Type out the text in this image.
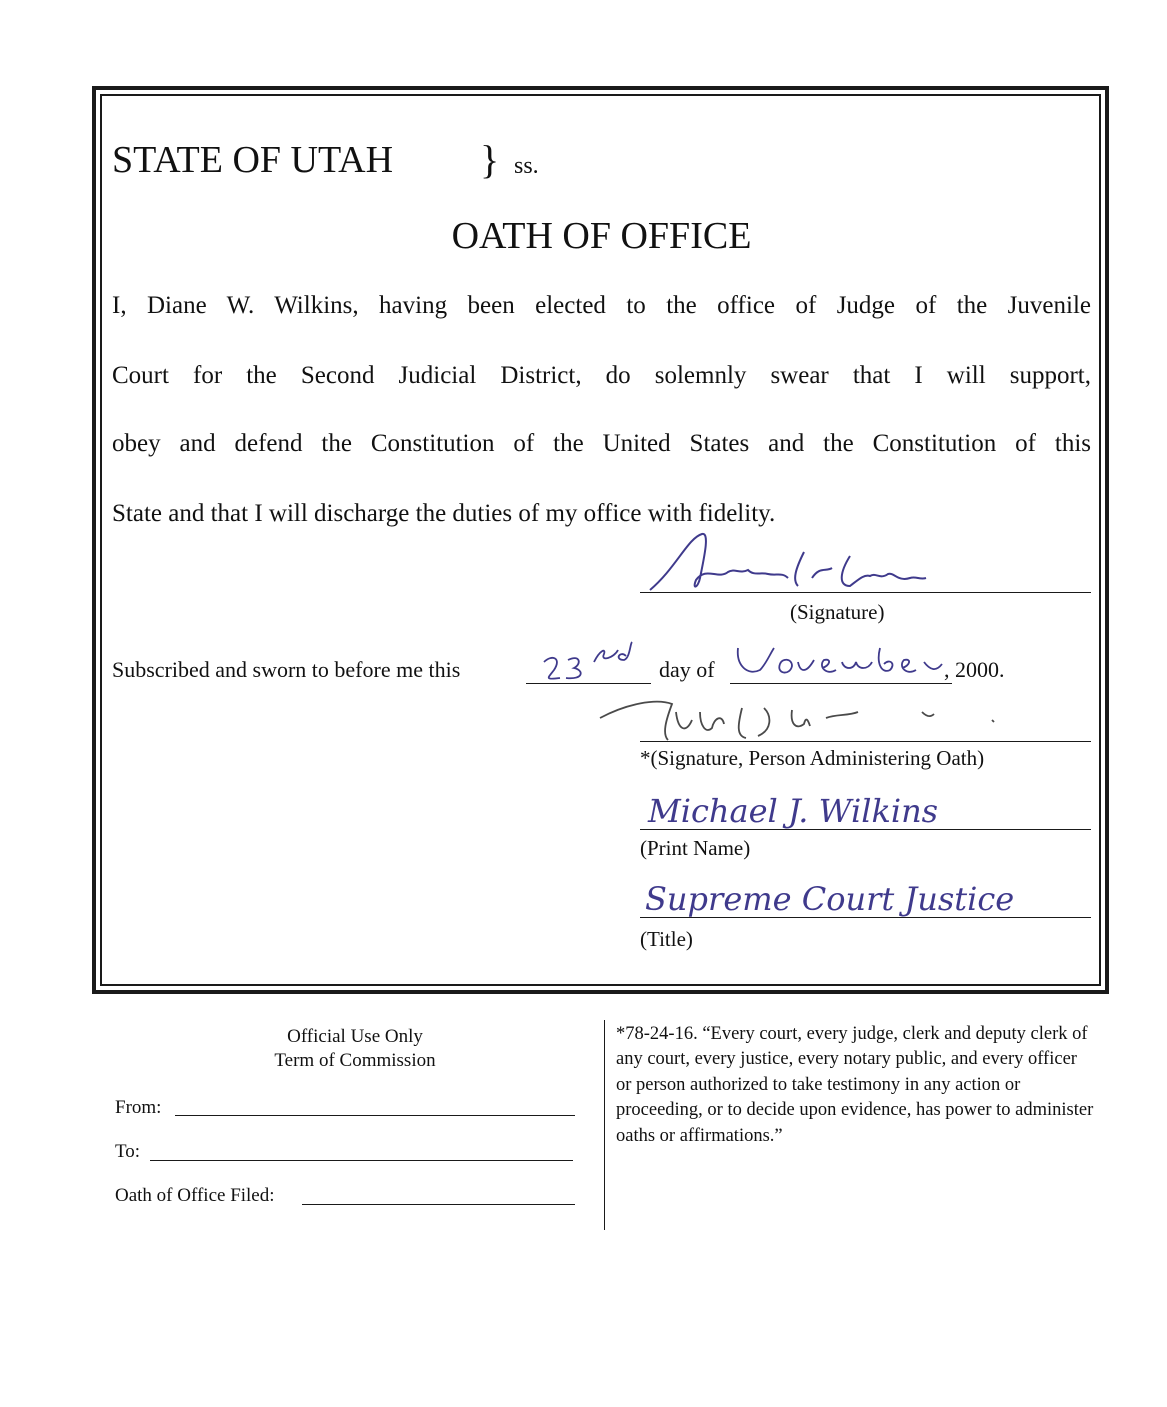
STATE OF UTAH } ss.
OATH OF OFFICE
I, Diane W. Wilkins, having been elected to the office of Judge of the Juvenile
Court for the Second Judicial District, do solemnly swear that I will support,
obey and defend the Constitution of the United States and the Constitution of this
State and that I will discharge the duties of my office with fidelity.
(Signature)
Subscribed and sworn to before me this	day of	, 2000.
*(Signature, Person Administering Oath)
Michael J. Wilkins
(Print Name)
Supreme Court Justice
(Title)
Official Use Only
Term of Commission
From:
To:
Oath of Office Filed:
*78-24-16. “Every court, every judge, clerk and deputy clerk of any court, every justice, every notary public, and every officer or person authorized to take testimony in any action or proceeding, or to decide upon evidence, has power to administer oaths or affirmations.”
